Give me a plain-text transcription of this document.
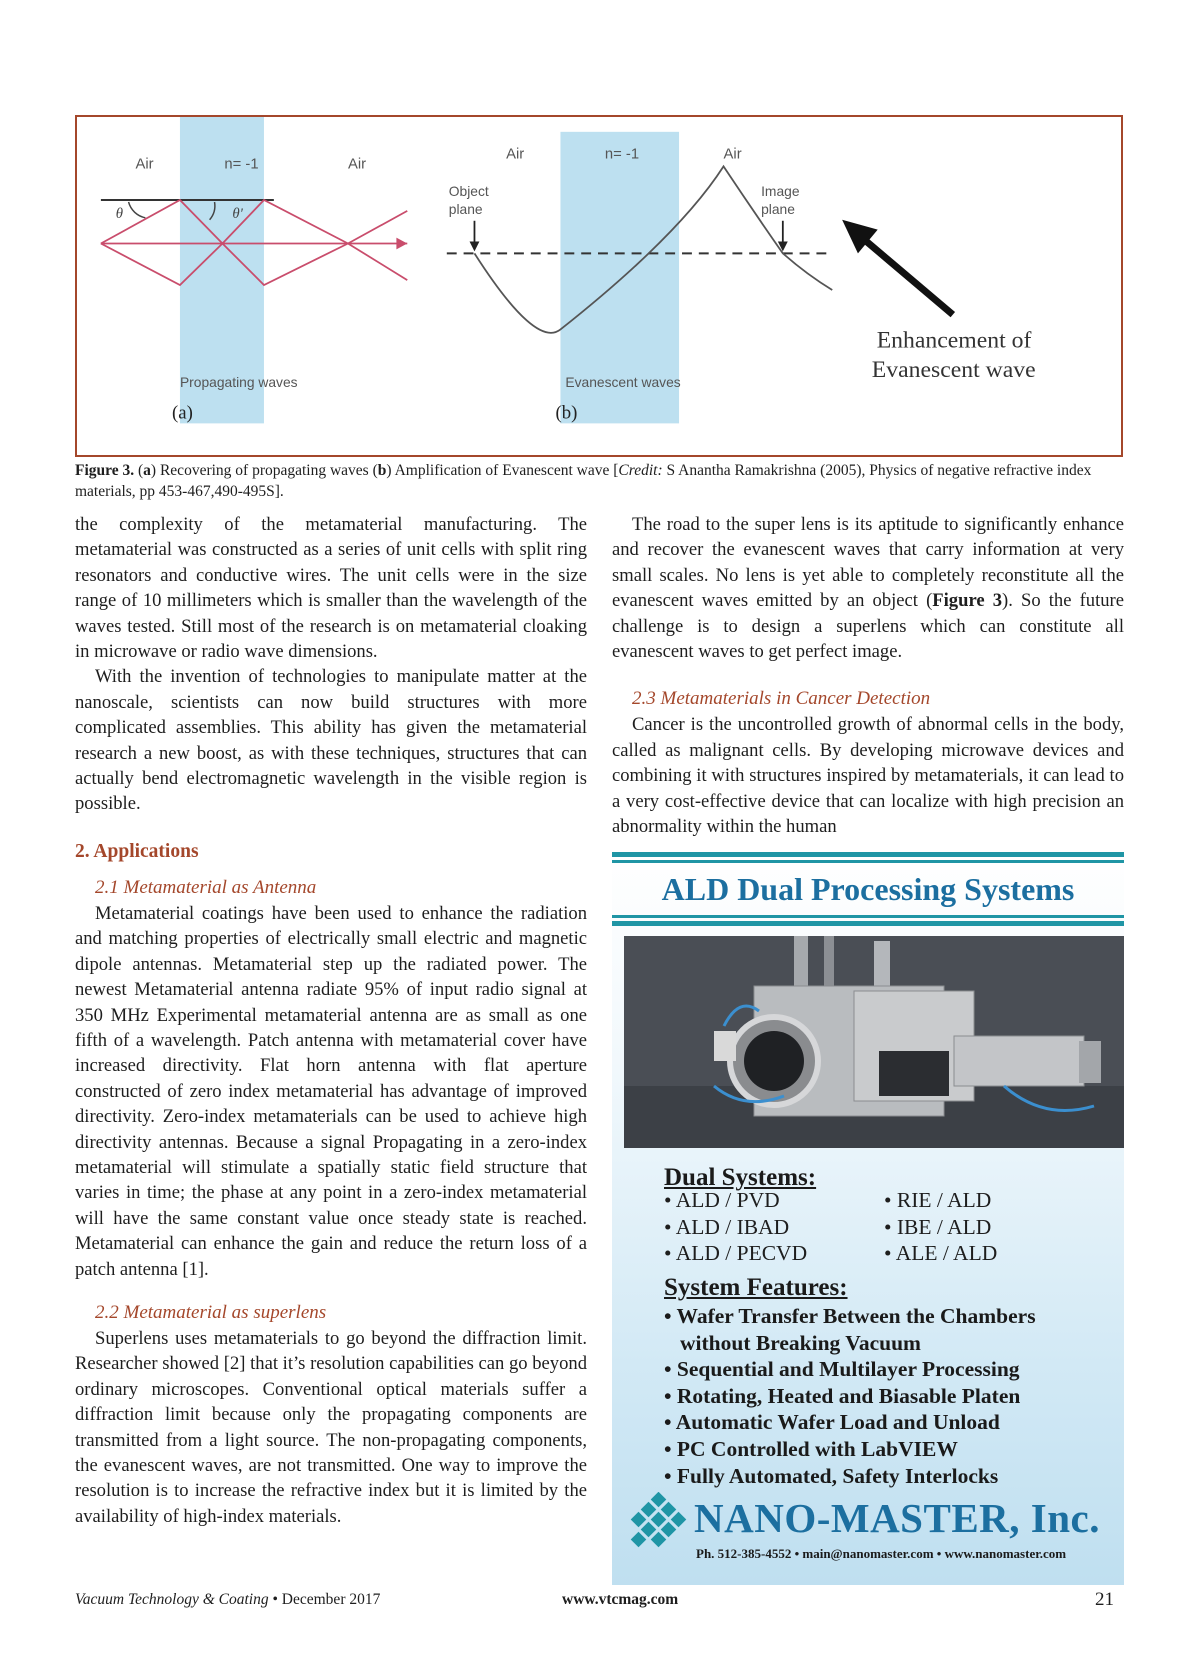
Air	n= -1	Air
θ	θ'
Propagating waves
(a)
Air	n= -1	Air
Object
plane
Image
plane
Evanescent waves
(b)
Enhancement of
Evanescent wave
Figure 3. (a) Recovering of propagating waves (b) Amplification of Evanescent wave [Credit: S Anantha Ramakrishna (2005), Physics of negative refractive index materials, pp 453-467,490-495S].

the complexity of the metamaterial manufacturing. The metamaterial was constructed as a series of unit cells with split ring resonators and conductive wires. The unit cells were in the size range of 10 millimeters which is smaller than the wavelength of the waves tested. Still most of the research is on metamaterial cloaking in microwave or radio wave dimensions.

With the invention of technologies to manipulate matter at the nanoscale, scientists can now build structures with more complicated assemblies. This ability has given the metamaterial research a new boost, as with these techniques, structures that can actually bend electromagnetic wavelength in the visible region is possible.

2. Applications
2.1 Metamaterial as Antenna

Metamaterial coatings have been used to enhance the radiation and matching properties of electrically small electric and magnetic dipole antennas. Metamaterial step up the radiated power. The newest Metamaterial antenna radiate 95% of input radio signal at 350 MHz Experimental metamaterial antenna are as small as one fifth of a wavelength. Patch antenna with metamaterial cover have increased directivity. Flat horn antenna with flat aperture constructed of zero index metamaterial has advantage of improved directivity. Zero-index metamaterials can be used to achieve high directivity antennas. Because a signal Propagating in a zero-index metamaterial will stimulate a spatially static field structure that varies in time; the phase at any point in a zero-index metamaterial will have the same constant value once steady state is reached. Metamaterial can enhance the gain and reduce the return loss of a patch antenna [1].

2.2 Metamaterial as superlens

Superlens uses metamaterials to go beyond the diffraction limit. Researcher showed [2] that it’s resolution capabilities can go beyond ordinary microscopes. Conventional optical materials suffer a diffraction limit because only the propagating components are transmitted from a light source. The non-propagating components, the evanescent waves, are not transmitted. One way to improve the resolution is to increase the refractive index but it is limited by the availability of high-index materials.

The road to the super lens is its aptitude to significantly enhance and recover the evanescent waves that carry information at very small scales. No lens is yet able to completely reconstitute all the evanescent waves emitted by an object (Figure 3). So the future challenge is to design a superlens which can constitute all evanescent waves to get perfect image.

2.3 Metamaterials in Cancer Detection

Cancer is the uncontrolled growth of abnormal cells in the body, called as malignant cells. By developing microwave devices and combining it with structures inspired by metamaterials, it can lead to a very cost-effective device that can localize with high precision an abnormality within the human

ALD Dual Processing Systems
Dual Systems:
• ALD / PVD	• RIE / ALD
• ALD / IBAD	• IBE / ALD
• ALD / PECVD	• ALE / ALD
System Features:
• Wafer Transfer Between the Chambers
without Breaking Vacuum
• Sequential and Multilayer Processing
• Rotating, Heated and Biasable Platen
• Automatic Wafer Load and Unload
• PC Controlled with LabVIEW
• Fully Automated, Safety Interlocks
NANO-MASTER, Inc.
Ph. 512-385-4552 • main@nanomaster.com • www.nanomaster.com
Vacuum Technology & Coating • December 2017	www.vtcmag.com	21
